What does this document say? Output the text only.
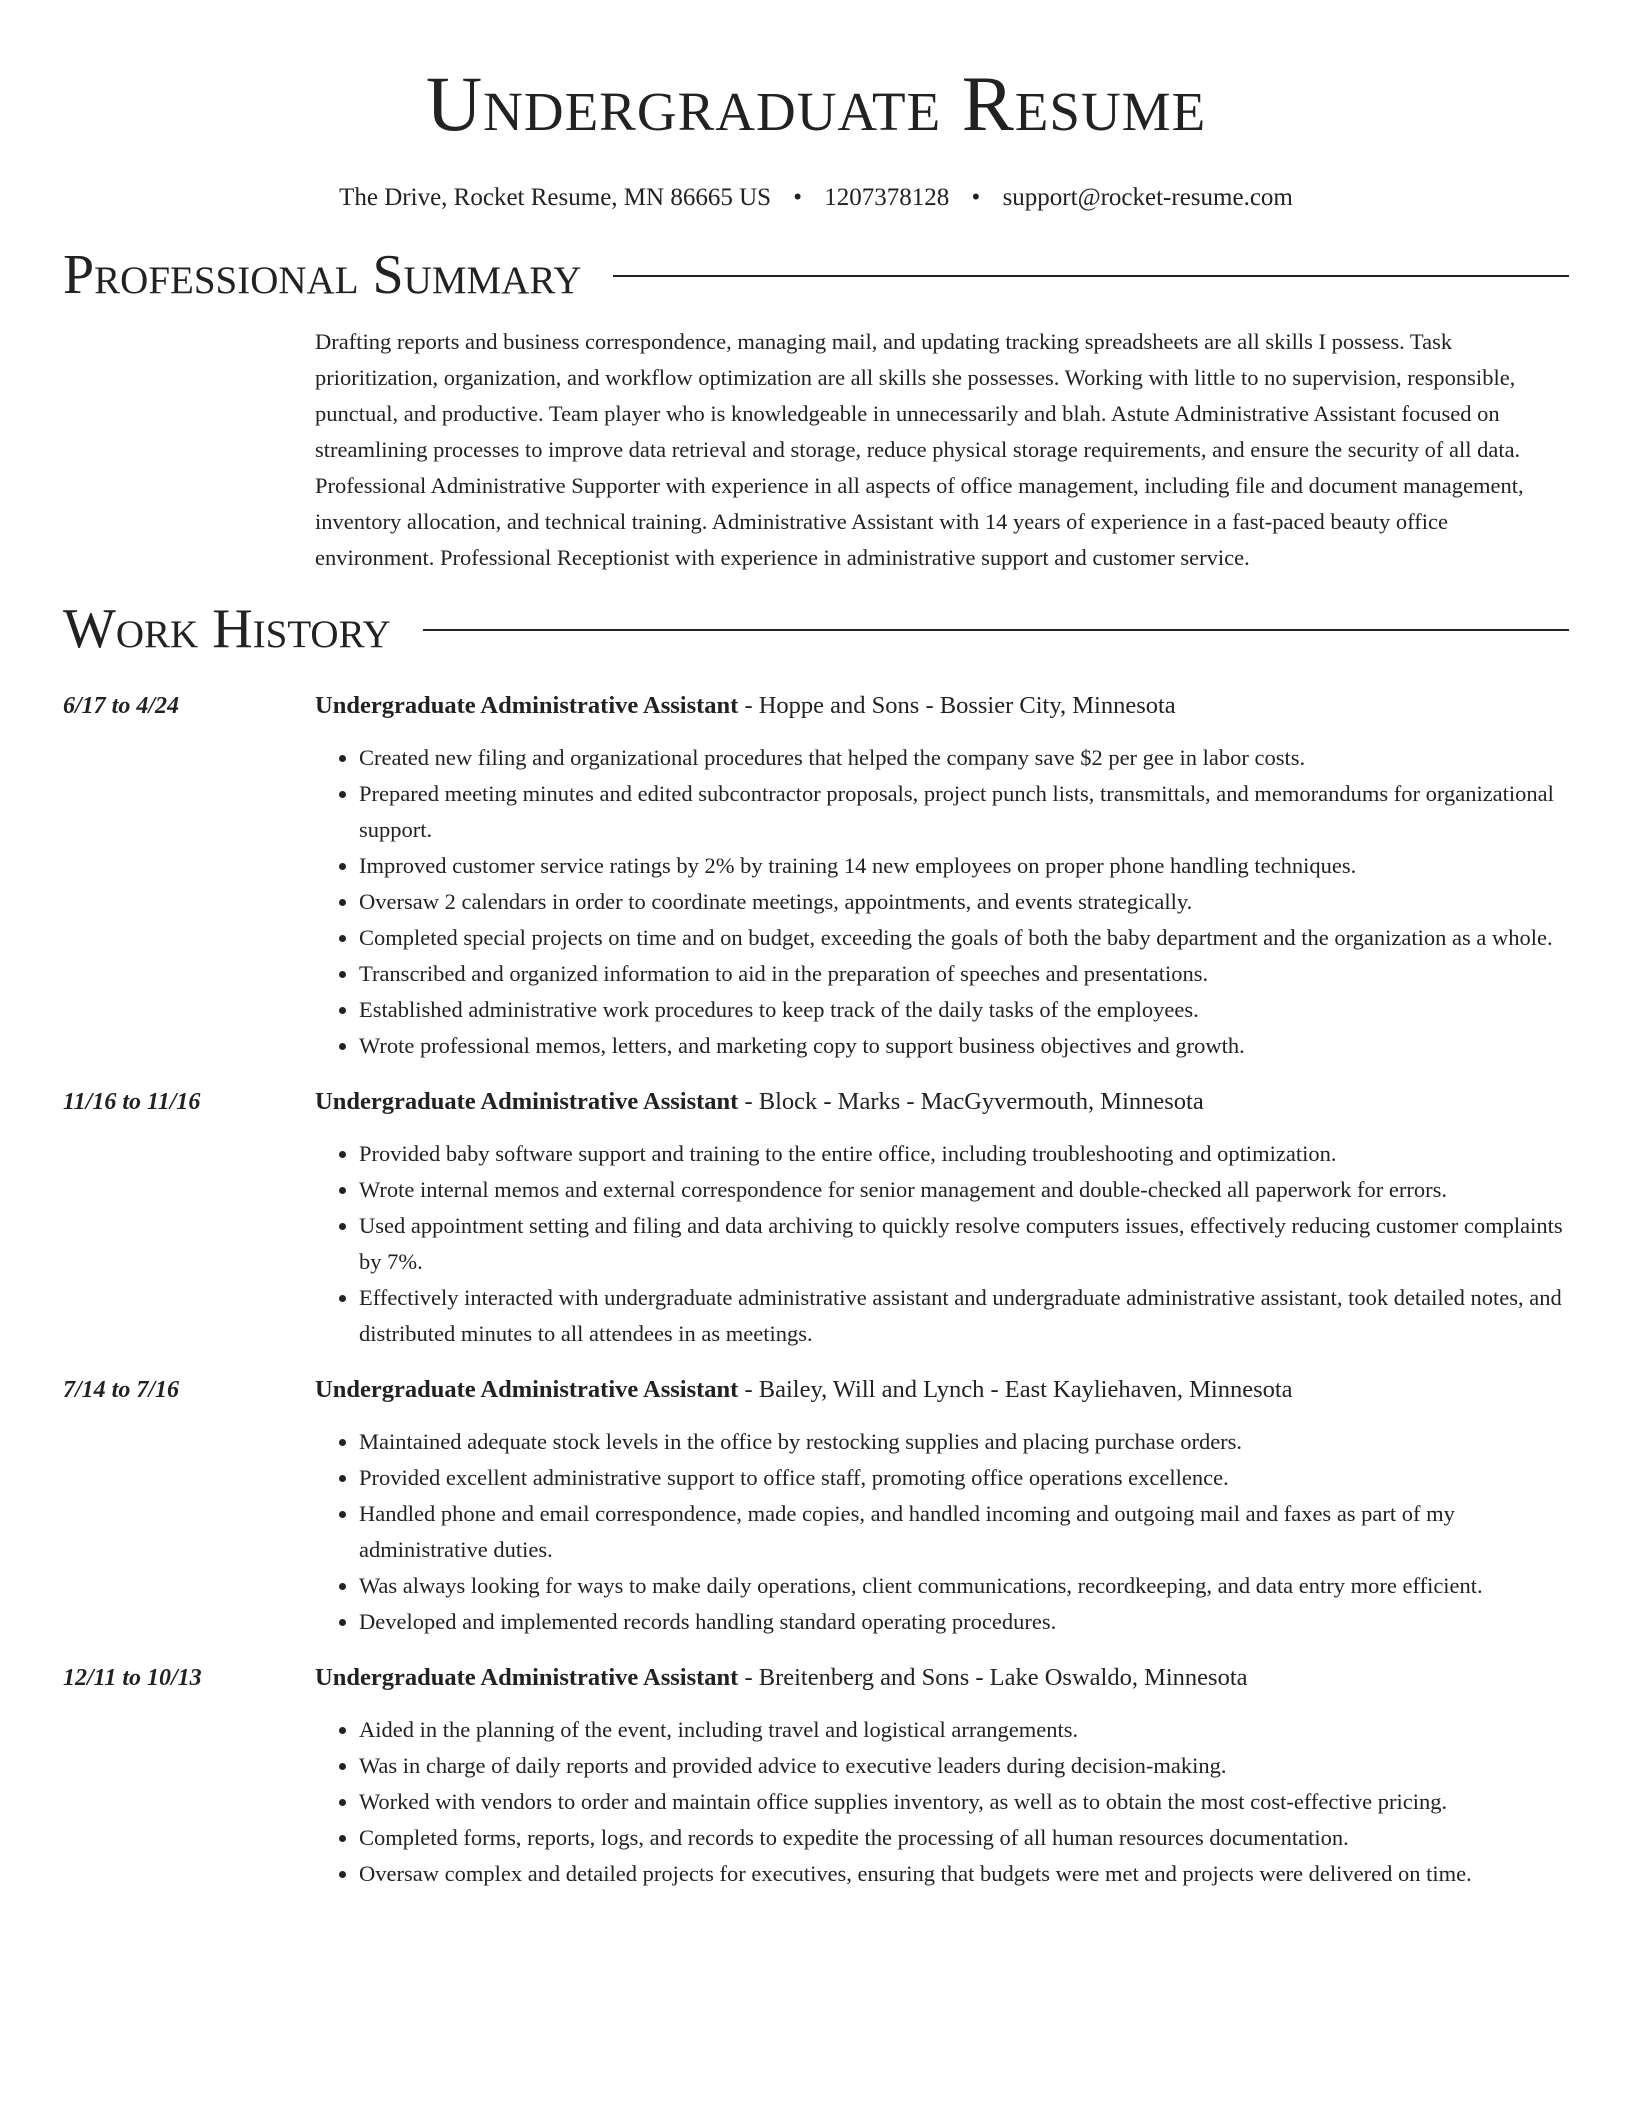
Undergraduate Resume
The Drive, Rocket Resume, MN 86665 US • 1207378128 • support@rocket-resume.com
Professional Summary
Drafting reports and business correspondence, managing mail, and updating tracking spreadsheets are all skills I possess. Task prioritization, organization, and workflow optimization are all skills she possesses. Working with little to no supervision, responsible, punctual, and productive. Team player who is knowledgeable in unnecessarily and blah. Astute Administrative Assistant focused on streamlining processes to improve data retrieval and storage, reduce physical storage requirements, and ensure the security of all data. Professional Administrative Supporter with experience in all aspects of office management, including file and document management, inventory allocation, and technical training. Administrative Assistant with 14 years of experience in a fast-paced beauty office environment. Professional Receptionist with experience in administrative support and customer service.
Work History
6/17 to 4/24	Undergraduate Administrative Assistant - Hoppe and Sons - Bossier City, Minnesota
• Created new filing and organizational procedures that helped the company save $2 per gee in labor costs.
• Prepared meeting minutes and edited subcontractor proposals, project punch lists, transmittals, and memorandums for organizational support.
• Improved customer service ratings by 2% by training 14 new employees on proper phone handling techniques.
• Oversaw 2 calendars in order to coordinate meetings, appointments, and events strategically.
• Completed special projects on time and on budget, exceeding the goals of both the baby department and the organization as a whole.
• Transcribed and organized information to aid in the preparation of speeches and presentations.
• Established administrative work procedures to keep track of the daily tasks of the employees.
• Wrote professional memos, letters, and marketing copy to support business objectives and growth.
11/16 to 11/16	Undergraduate Administrative Assistant - Block - Marks - MacGyvermouth, Minnesota
• Provided baby software support and training to the entire office, including troubleshooting and optimization.
• Wrote internal memos and external correspondence for senior management and double-checked all paperwork for errors.
• Used appointment setting and filing and data archiving to quickly resolve computers issues, effectively reducing customer complaints by 7%.
• Effectively interacted with undergraduate administrative assistant and undergraduate administrative assistant, took detailed notes, and distributed minutes to all attendees in as meetings.
7/14 to 7/16	Undergraduate Administrative Assistant - Bailey, Will and Lynch - East Kayliehaven, Minnesota
• Maintained adequate stock levels in the office by restocking supplies and placing purchase orders.
• Provided excellent administrative support to office staff, promoting office operations excellence.
• Handled phone and email correspondence, made copies, and handled incoming and outgoing mail and faxes as part of my administrative duties.
• Was always looking for ways to make daily operations, client communications, recordkeeping, and data entry more efficient.
• Developed and implemented records handling standard operating procedures.
12/11 to 10/13	Undergraduate Administrative Assistant - Breitenberg and Sons - Lake Oswaldo, Minnesota
• Aided in the planning of the event, including travel and logistical arrangements.
• Was in charge of daily reports and provided advice to executive leaders during decision-making.
• Worked with vendors to order and maintain office supplies inventory, as well as to obtain the most cost-effective pricing.
• Completed forms, reports, logs, and records to expedite the processing of all human resources documentation.
• Oversaw complex and detailed projects for executives, ensuring that budgets were met and projects were delivered on time.
